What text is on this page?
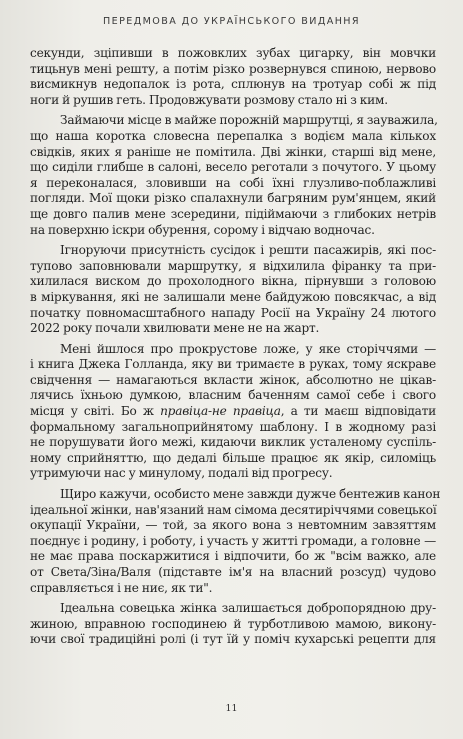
ПЕРЕДМОВА ДО УКРАЇНСЬКОГО ВИДАННЯ
секунди, зціпивши в пожовклих зубах цигарку, він мовчки
тицьнув мені решту, а потім різко розвернувся спиною, нервово
висмикнув недопалок із рота, сплюнув на тротуар собі ж під
ноги й рушив геть. Продовжувати розмову стало ні з ким.
Займаючи місце в майже порожній маршрутці, я зауважила,
що наша коротка словесна перепалка з водієм мала кількох
свідків, яких я раніше не помітила. Дві жінки, старші від мене,
що сиділи глибше в салоні, весело реготали з почутого. У цьому
я переконалася, зловивши на собі їхні глузливо-поблажливі
погляди. Мої щоки різко спалахнули багряним рум'янцем, який
ще довго палив мене зсередини, підіймаючи з глибоких нетрів
на поверхню іскри обурення, сорому і відчаю водночас.
Ігноруючи присутність сусідок і решти пасажирів, які пос-
тупово заповнювали маршрутку, я відхилила фіранку та при-
хилилася виском до прохолодного вікна, пірнувши з головою
в міркування, які не залишали мене байдужою повсякчас, а від
початку повномасштабного нападу Росії на Україну 24 лютого
2022 року почали хвилювати мене не на жарт.
Мені йшлося про прокрустове ложе, у яке сторіччями —
і книга Джека Голланда, яку ви тримаєте в руках, тому яскраве
свідчення — намагаються вкласти жінок, абсолютно не цікав-
лячись їхньою думкою, власним баченням самої себе і свого
місця у світі. Бо ж правіца-не правіца, а ти маєш відповідати
формальному загальноприйнятому шаблону. І в жодному разі
не порушувати його межі, кидаючи виклик усталеному суспіль-
ному сприйняттю, що дедалі більше працює як якір, силоміць
утримуючи нас у минулому, подалі від прогресу.
Щиро кажучи, особисто мене завжди дужче бентежив канон
ідеальної жінки, нав'язаний нам сімома десятиріччями совецької
окупації України, — той, за якого вона з невтомним завзяттям
поєднує і родину, і роботу, і участь у житті громади, а головне —
не має права поскаржитися і відпочити, бо ж "всім важко, але
от Света/Зіна/Валя (підставте ім'я на власний розсуд) чудово
справляється і не ниє, як ти".
Ідеальна совецька жінка залишається добропорядною дру-
жиною, вправною господинею й турботливою мамою, викону-
ючи свої традиційні ролі (і тут їй у поміч кухарські рецепти для
11
